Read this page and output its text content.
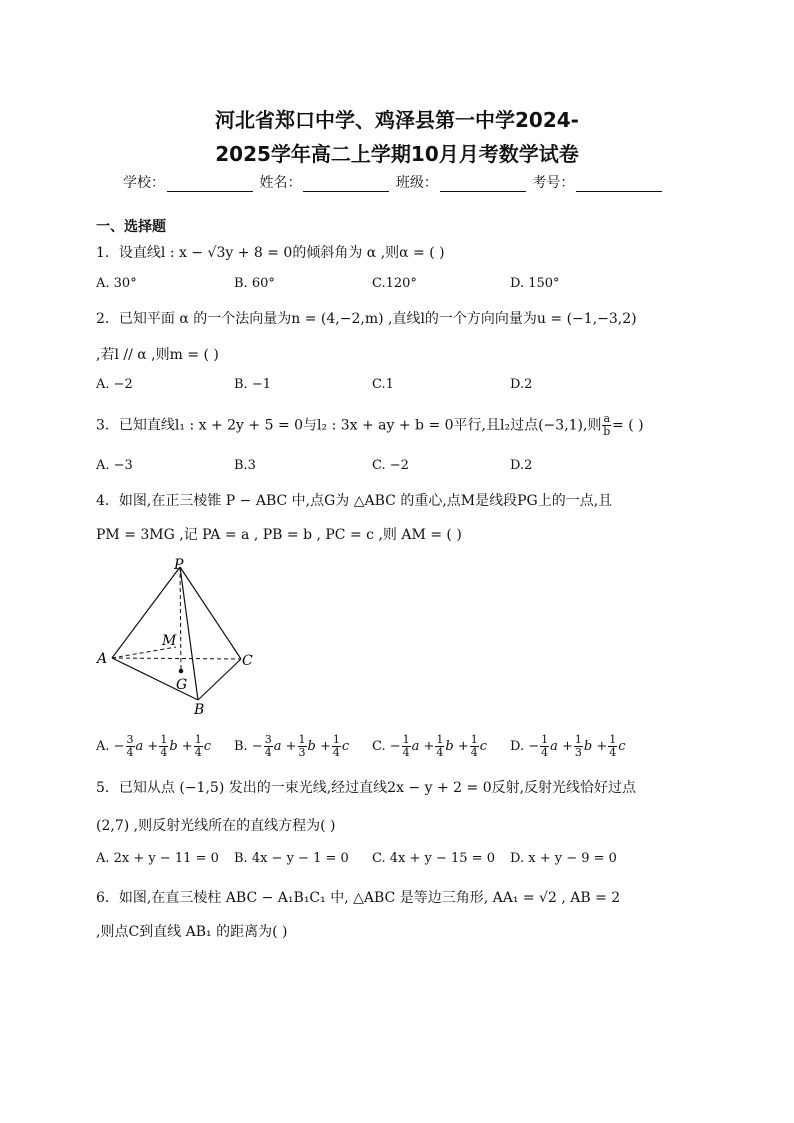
河北省郑口中学、鸡泽县第一中学2024-
2025学年高二上学期10月月考数学试卷
学校：	姓名：	班级：	考号：
一、选择题
1．设直线l : x − √3y + 8 = 0的倾斜角为 α ,则α = ( )
A. 30°	B. 60°	C.120°	D. 150°
2．已知平面 α 的一个法向量为n = (4,−2,m) ,直线l的一个方向向量为u = (−1,−3,2)
,若l // α ,则m = ( )
A. −2	B. −1	C.1	D.2
3．已知直线l₁ : x + 2y + 5 = 0与l₂ : 3x + ay + b = 0平行,且l₂过点(−3,1),则 $\frac{a}{b}$ = ( )
A. −3	B.3	C. −2	D.2
4．如图,在正三棱锥 P − ABC 中,点G为 △ABC 的重心,点M是线段PG上的一点,且
PM = 3MG ,记 PA = a , PB = b , PC = c ,则 AM = ( )
P
M
A	C
G
B
A. − $\frac{3}{4}$ $a + \frac{1}{4}$ $b + \frac{1}{4}$ c B. − $\frac{3}{4}$ $a + \frac{1}{3}$ $b + \frac{1}{4}$ c C. − $\frac{1}{4}$ $a + \frac{1}{4}$ $b + \frac{1}{4}$ c D. − $\frac{1}{4}$ $a + \frac{1}{3}$ $b + \frac{1}{4}$ c
5．已知从点 (−1,5) 发出的一束光线,经过直线2x − y + 2 = 0反射,反射光线恰好过点
(2,7) ,则反射光线所在的直线方程为( )
A. 2x + y − 11 = 0 B. 4x − y − 1 = 0 C. 4x + y − 15 = 0 D. x + y − 9 = 0
6．如图,在直三棱柱 ABC − A₁B₁C₁ 中, △ABC 是等边三角形, AA₁ = √2 , AB = 2
,则点C到直线 AB₁ 的距离为( )
